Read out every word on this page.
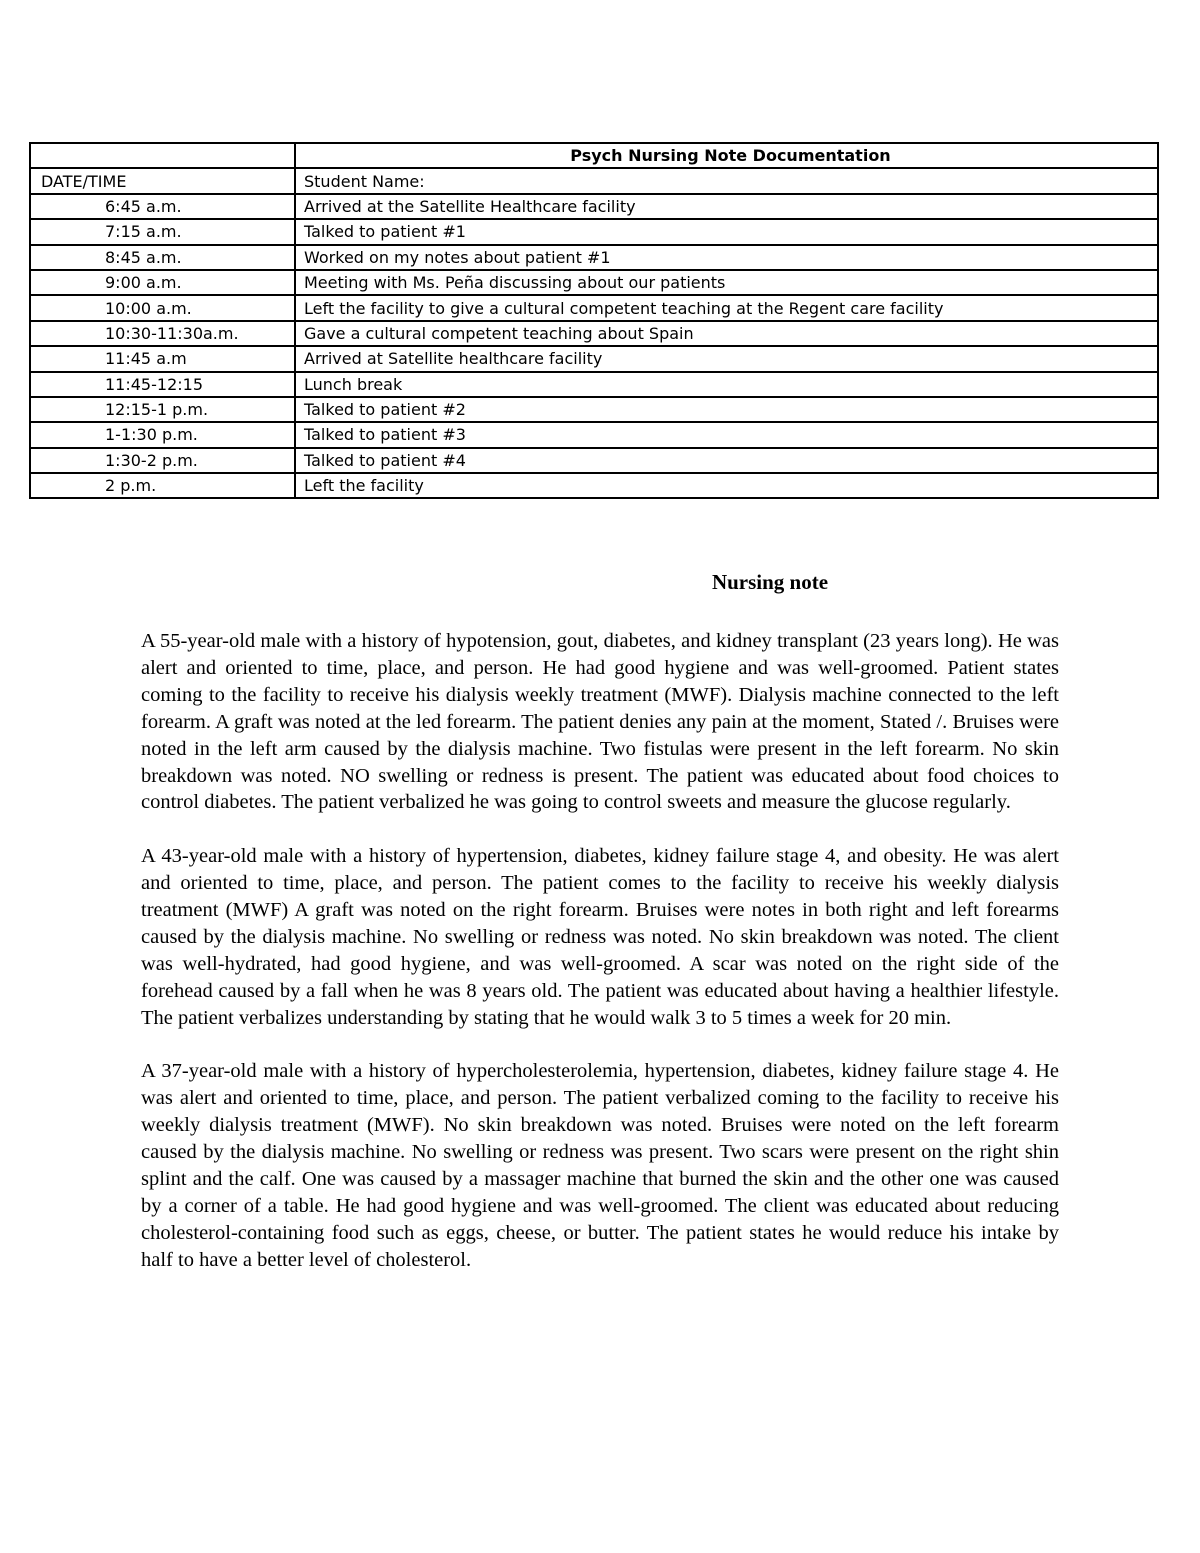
	Psych Nursing Note Documentation
DATE/TIME	Student Name:
6:45 a.m.	Arrived at the Satellite Healthcare facility
7:15 a.m.	Talked to patient #1
8:45 a.m.	Worked on my notes about patient #1
9:00 a.m.	Meeting with Ms. Peña discussing about our patients
10:00 a.m.	Left the facility to give a cultural competent teaching at the Regent care facility
10:30-11:30a.m.	Gave a cultural competent teaching about Spain
11:45 a.m	Arrived at Satellite healthcare facility
11:45-12:15	Lunch break
12:15-1 p.m.	Talked to patient #2
1-1:30 p.m.	Talked to patient #3
1:30-2 p.m.	Talked to patient #4
2 p.m.	Left the facility
Nursing note

A 55-year-old male with a history of hypotension, gout, diabetes, and kidney transplant (23 years long). He was alert and oriented to time, place, and person. He had good hygiene and was well-groomed. Patient states coming to the facility to receive his dialysis weekly treatment (MWF). Dialysis machine connected to the left forearm. A graft was noted at the led forearm. The patient denies any pain at the moment, Stated /. Bruises were noted in the left arm caused by the dialysis machine. Two fistulas were present in the left forearm. No skin breakdown was noted. NO swelling or redness is present. The patient was educated about food choices to control diabetes. The patient verbalized he was going to control sweets and measure the glucose regularly.

A 43-year-old male with a history of hypertension, diabetes, kidney failure stage 4, and obesity. He was alert and oriented to time, place, and person. The patient comes to the facility to receive his weekly dialysis treatment (MWF) A graft was noted on the right forearm. Bruises were notes in both right and left forearms caused by the dialysis machine. No swelling or redness was noted. No skin breakdown was noted. The client was well-hydrated, had good hygiene, and was well-groomed. A scar was noted on the right side of the forehead caused by a fall when he was 8 years old. The patient was educated about having a healthier lifestyle. The patient verbalizes understanding by stating that he would walk 3 to 5 times a week for 20 min.

A 37-year-old male with a history of hypercholesterolemia, hypertension, diabetes, kidney failure stage 4. He was alert and oriented to time, place, and person. The patient verbalized coming to the facility to receive his weekly dialysis treatment (MWF). No skin breakdown was noted. Bruises were noted on the left forearm caused by the dialysis machine. No swelling or redness was present. Two scars were present on the right shin splint and the calf. One was caused by a massager machine that burned the skin and the other one was caused by a corner of a table. He had good hygiene and was well-groomed. The client was educated about reducing cholesterol-containing food such as eggs, cheese, or butter. The patient states he would reduce his intake by half to have a better level of cholesterol.
